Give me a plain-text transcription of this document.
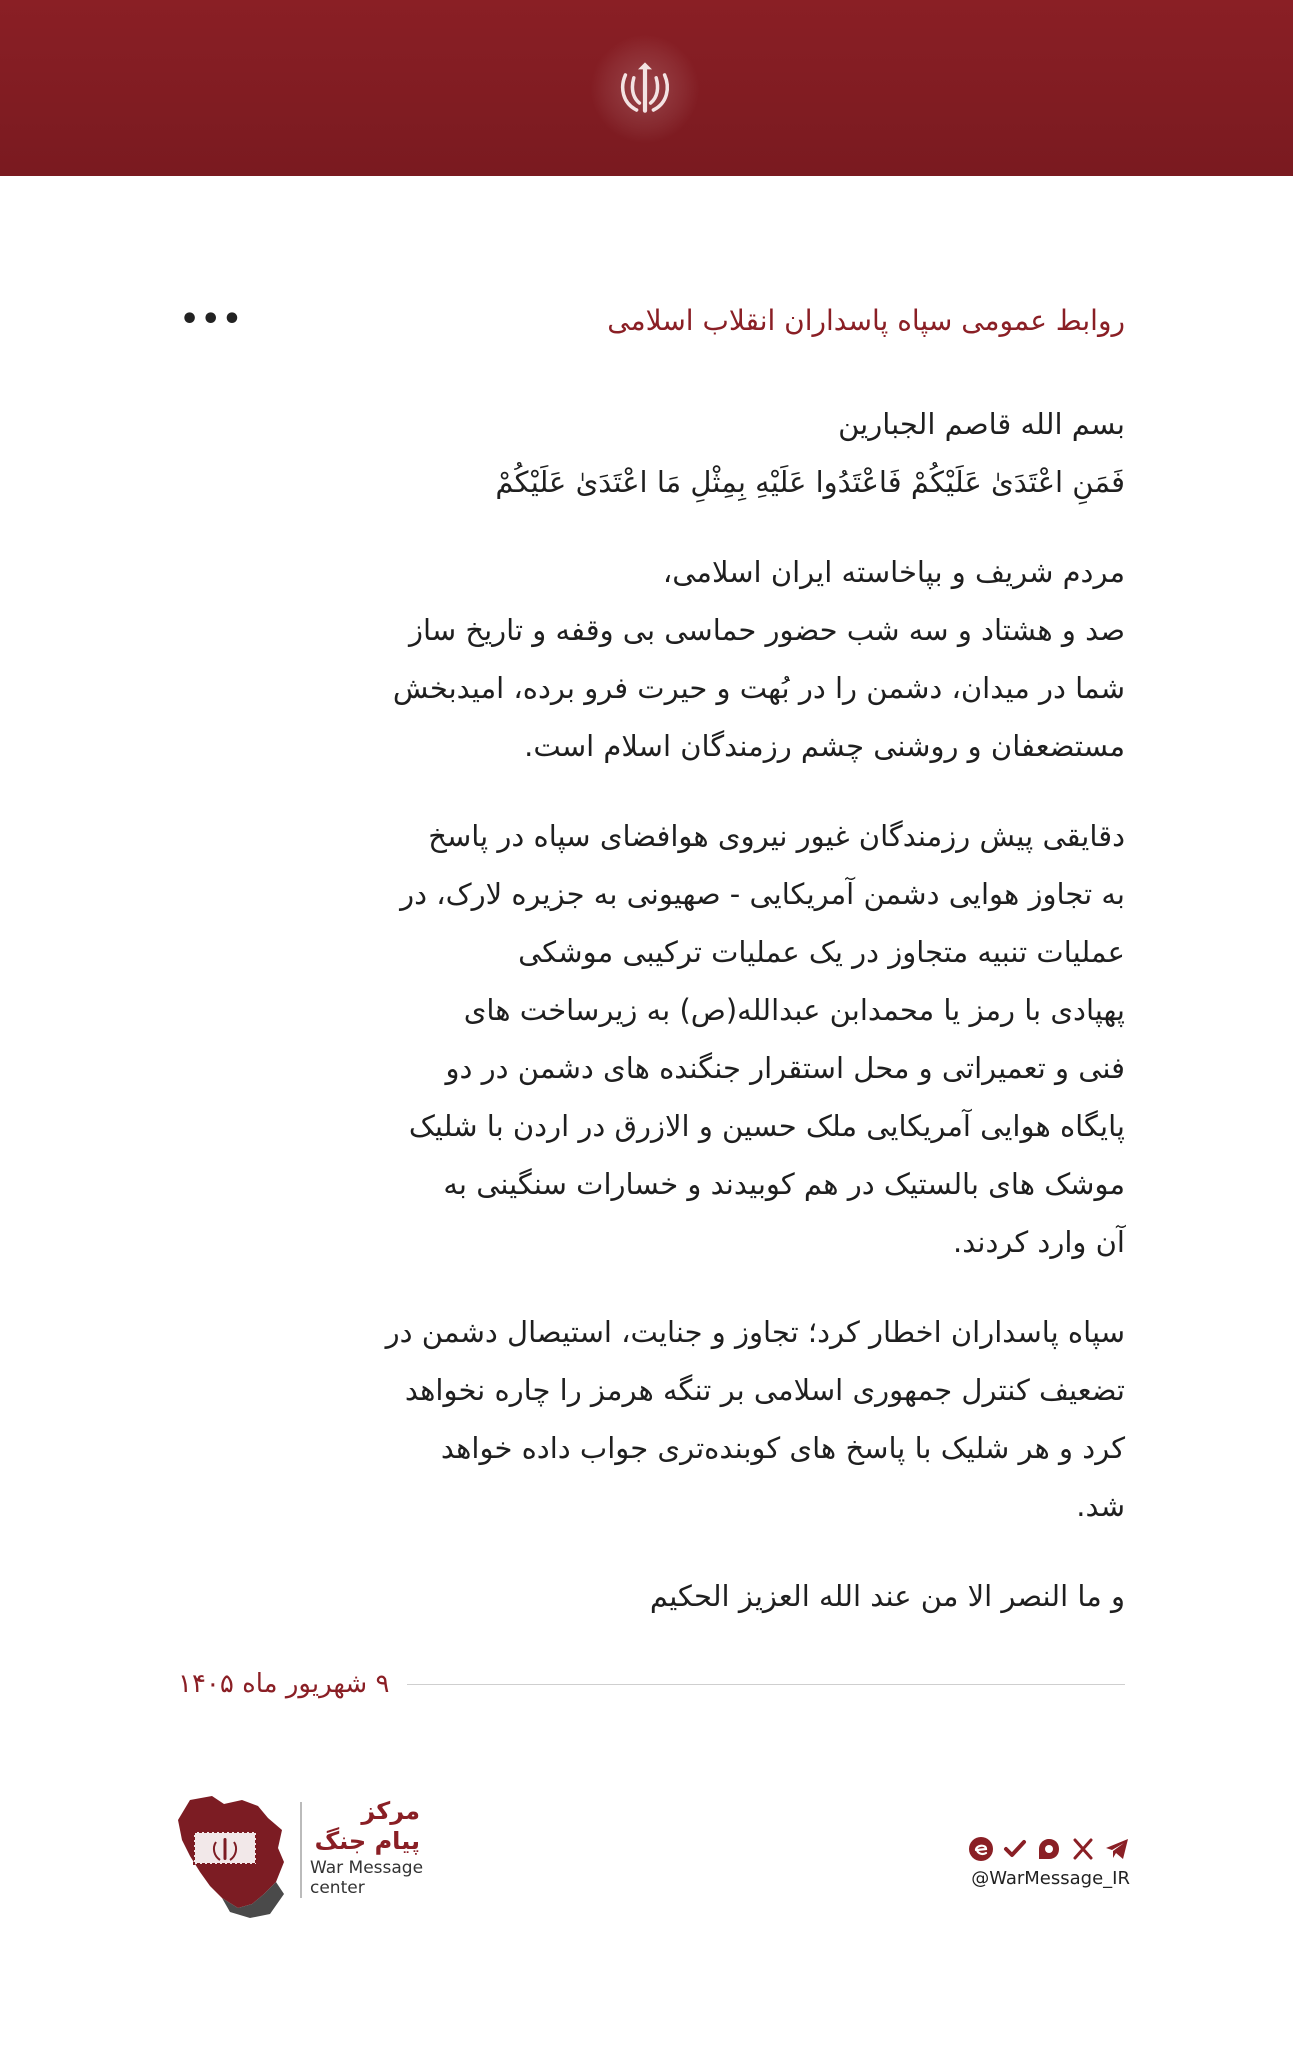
روابط عمومی سپاه پاسداران انقلاب اسلامی
•••
بسم الله قاصم الجبارین
فَمَنِ اعْتَدَیٰ عَلَیْکُمْ فَاعْتَدُوا عَلَیْهِ بِمِثْلِ مَا اعْتَدَیٰ عَلَیْکُمْ
مردم شریف و بپاخاسته ایران اسلامی،
صد و هشتاد و سه شب حضور حماسی بی وقفه و تاریخ ساز
شما در میدان، دشمن را در بُهت و حیرت فرو برده، امیدبخش
مستضعفان و روشنی چشم رزمندگان اسلام است.
دقایقی پیش رزمندگان غیور نیروی هوافضای سپاه در پاسخ
به تجاوز هوایی دشمن آمریکایی - صهیونی به جزیره لارک، در
عملیات تنبیه متجاوز در یک عملیات ترکیبی موشکی
پهپادی با رمز یا محمدابن عبدالله(ص) به زیرساخت های
فنی و تعمیراتی و محل استقرار جنگنده های دشمن در دو
پایگاه هوایی آمریکایی ملک حسین و الازرق در اردن با شلیک
موشک های بالستیک در هم کوبیدند و خسارات سنگینی به
آن وارد کردند.
سپاه پاسداران اخطار کرد؛ تجاوز و جنایت، استیصال دشمن در
تضعیف کنترل جمهوری اسلامی بر تنگه هرمز را چاره نخواهد
کرد و هر شلیک با پاسخ های کوبنده‌تری جواب داده خواهد
شد.
و ما النصر الا من عند الله العزیز الحکیم
۹ شهریور ماه ۱۴۰۵
مرکز
پیام جنگ
War Message
center	@WarMessage_IR
